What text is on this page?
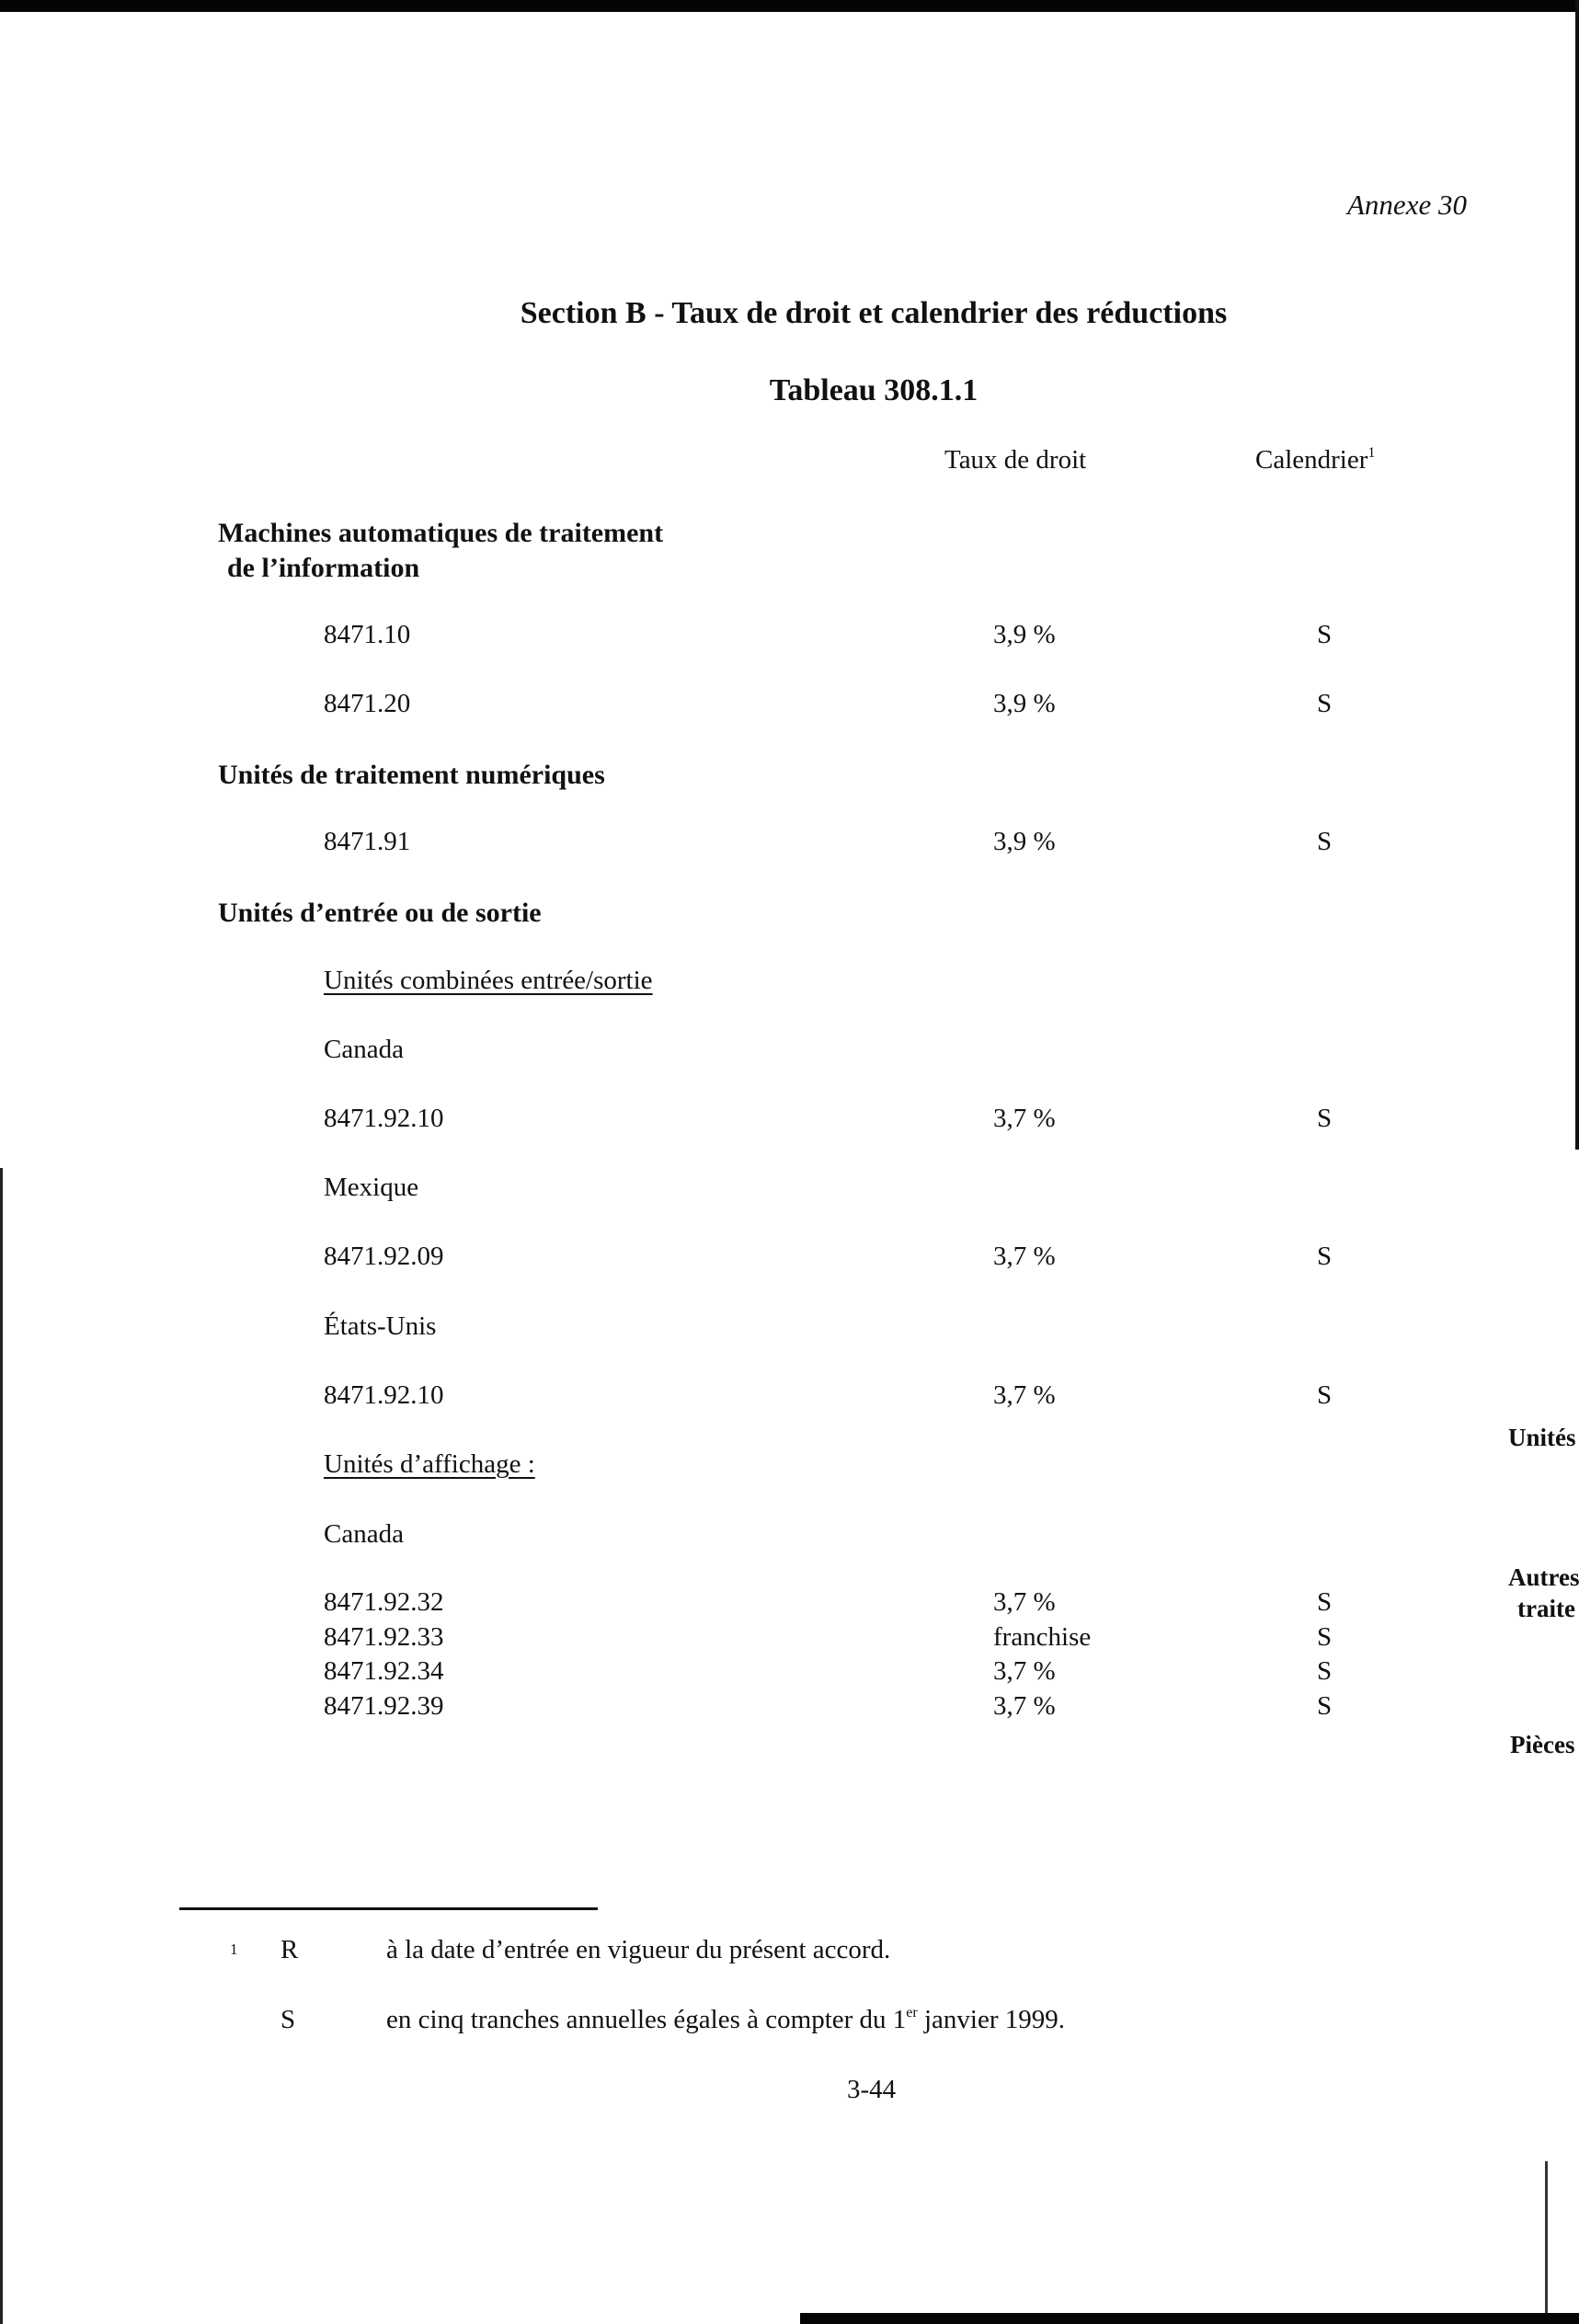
Annexe 30
Section B - Taux de droit et calendrier des réductions
Tableau 308.1.1
Taux de droit	Calendrier$^1$
Machines automatiques de traitement
de l’information
8471.10	3,9 %	S
8471.20	3,9 %	S
Unités de traitement numériques
8471.91	3,9 %	S
Unités d’entrée ou de sortie
Unités combinées entrée/sortie
Canada
8471.92.10	3,7 %	S
Mexique
8471.92.09	3,7 %	S
États-Unis
8471.92.10	3,7 %	S
Unités d’affichage :
Canada
8471.92.32	3,7 %	S
8471.92.33	franchise	S
8471.92.34	3,7 %	S
8471.92.39	3,7 %	S
Unités
Autres
traite
Pièces
1 R	à la date d’entrée en vigueur du présent accord.
S	en cinq tranches annuelles égales à compter du 1er janvier 1999.
3-44
